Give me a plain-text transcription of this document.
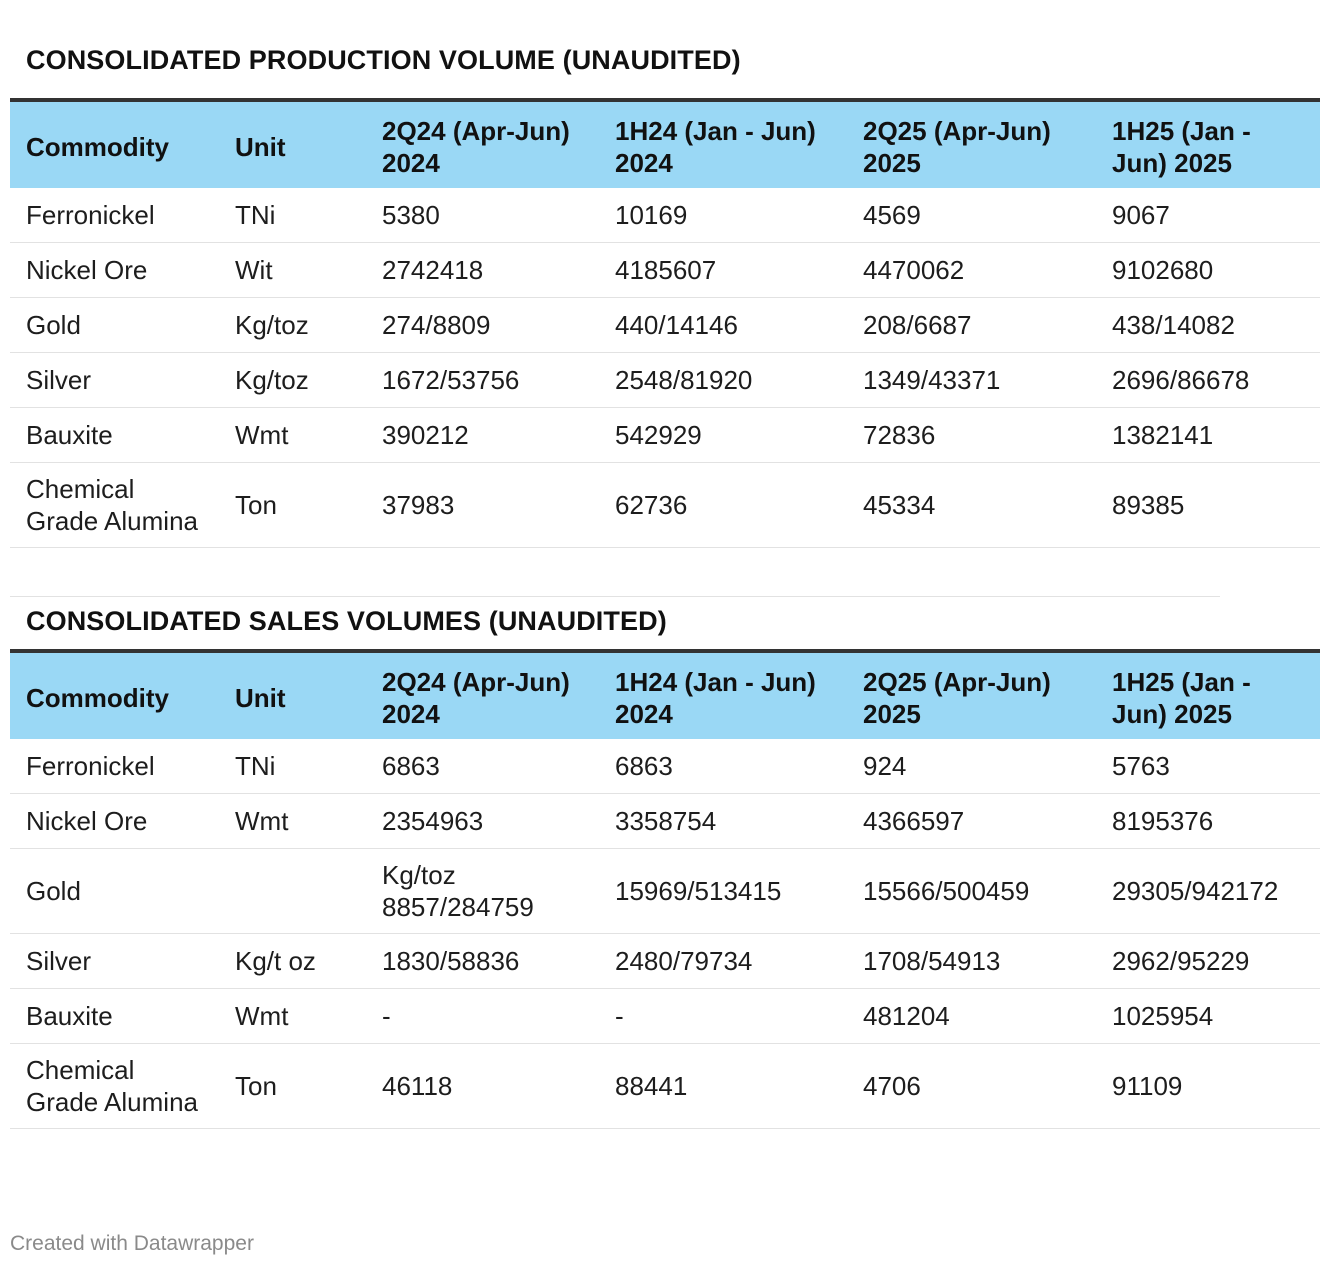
CONSOLIDATED PRODUCTION VOLUME (UNAUDITED)
Commodity	Unit	2Q24 (Apr-Jun) 2024	1H24 (Jan - Jun) 2024	2Q25 (Apr-Jun) 2025	1H25 (Jan - Jun) 2025
Ferronickel	TNi	5380	10169	4569	9067
Nickel Ore	Wit	2742418	4185607	4470062	9102680
Gold	Kg/toz	274/8809	440/14146	208/6687	438/14082
Silver	Kg/toz	1672/53756	2548/81920	1349/43371	2696/86678
Bauxite	Wmt	390212	542929	72836	1382141
Chemical Grade Alumina	Ton	37983	62736	45334	89385
CONSOLIDATED SALES VOLUMES (UNAUDITED)
Commodity	Unit	2Q24 (Apr-Jun) 2024	1H24 (Jan - Jun) 2024	2Q25 (Apr-Jun) 2025	1H25 (Jan - Jun) 2025
Ferronickel	TNi	6863	6863	924	5763
Nickel Ore	Wmt	2354963	3358754	4366597	8195376
Gold		Kg/toz 8857/284759	15969/513415	15566/500459	29305/942172
Silver	Kg/t oz	1830/58836	2480/79734	1708/54913	2962/95229
Bauxite	Wmt	-	-	481204	1025954
Chemical Grade Alumina	Ton	46118	88441	4706	91109
Created with Datawrapper
